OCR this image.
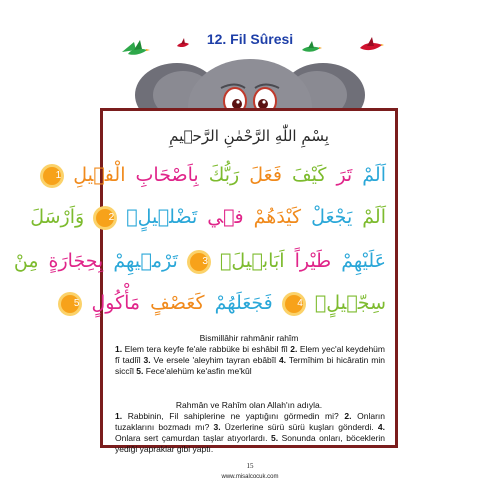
12. Fil Sûresi
بِسْمِ اللّٰهِ الرَّحْمٰنِ الرَّح۪يمِ
اَلَمْ تَرَ كَيْفَ فَعَلَ رَبُّكَ بِاَصْحَابِ الْف۪يلِ 1
اَلَمْ يَجْعَلْ كَيْدَهُمْ ف۪ي تَضْل۪يلٍۙ 2 وَاَرْسَلَ
عَلَيْهِمْ طَيْراً اَبَاب۪يلَۙ 3 تَرْم۪يهِمْ بِحِجَارَةٍ مِنْ
سِجّ۪يلٍۙ 4 فَجَعَلَهُمْ كَعَصْفٍ مَأْكُولٍ 5
Bismillâhir rahmânir rahîm
1. Elem tera keyfe fe'ale rabbüke bi eshâbil fîl 2. Elem yec'al keydehüm fî tadlîl 3. Ve ersele 'aleyhim tayran ebâbîl 4. Termîhim bi hicâratin min siccîl 5. Fece'alehüm ke'asfin me'kûl
Rahmân ve Rahîm olan Allah'ın adıyla.
1. Rabbinin, Fil sahiplerine ne yaptığını görmedin mi? 2. Onların tuzaklarını bozmadı mı? 3. Üzerlerine sürü sürü kuşları gönderdi. 4. Onlara sert çamurdan taşlar atıyorlardı. 5. Sonunda onları, böceklerin yediği yapraklar gibi yaptı.
15
www.misalcocuk.com
